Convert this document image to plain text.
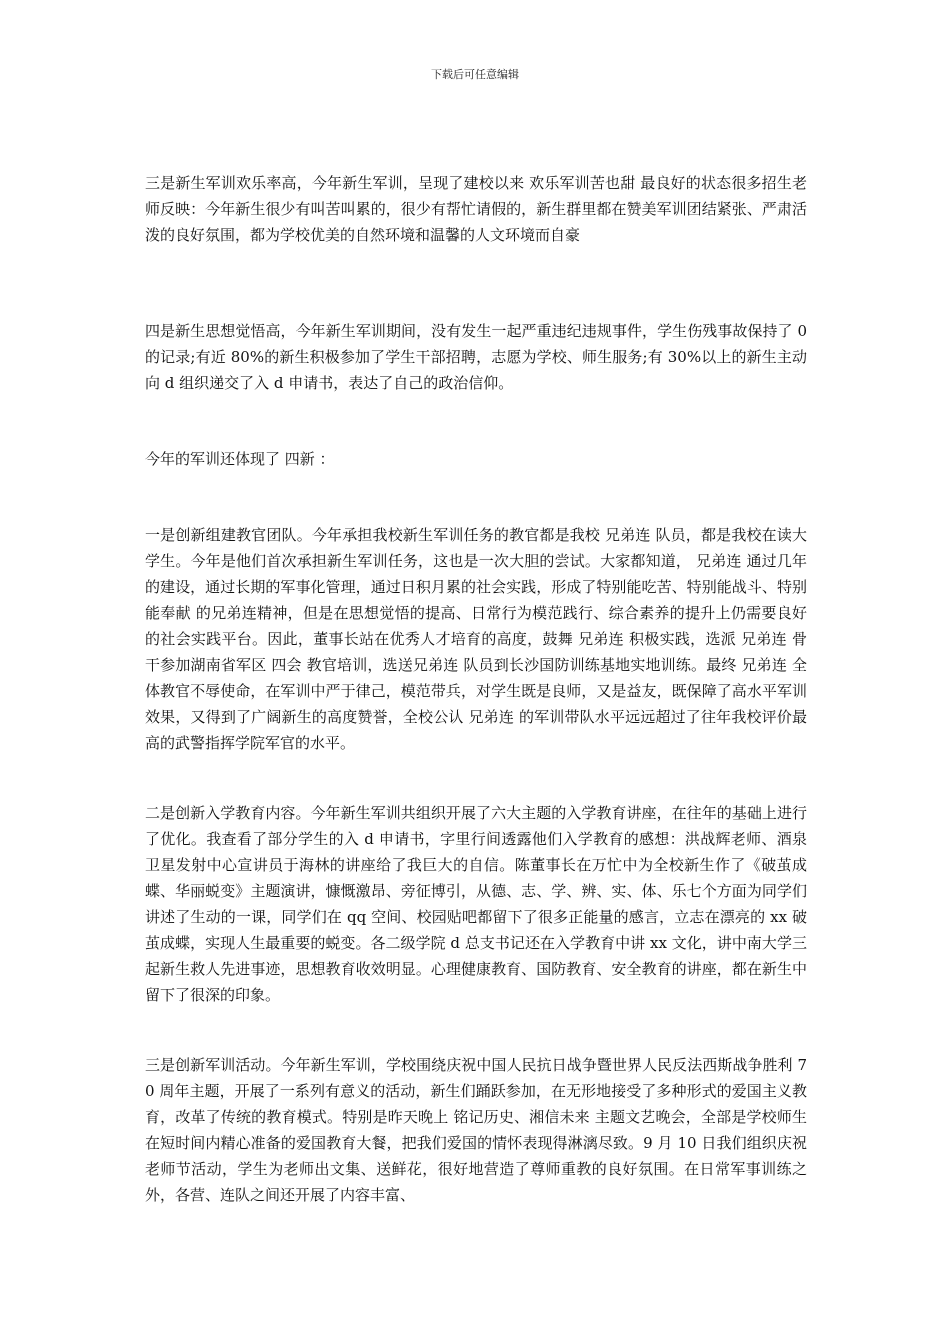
下载后可任意编辑

三是新生军训欢乐率高，今年新生军训，呈现了建校以来 欢乐军训苦也甜 最良好的状态很多招生老师反映：今年新生很少有叫苦叫累的，很少有帮忙请假的，新生群里都在赞美军训团结紧张、严肃活泼的良好氛围，都为学校优美的自然环境和温馨的人文环境而自豪

四是新生思想觉悟高，今年新生军训期间，没有发生一起严重违纪违规事件，学生伤残事故保持了 0 的记录;有近 80%的新生积极参加了学生干部招聘，志愿为学校、师生服务;有 30%以上的新生主动向 d 组织递交了入 d 申请书，表达了自己的政治信仰。

今年的军训还体现了 四新 ：

一是创新组建教官团队。今年承担我校新生军训任务的教官都是我校 兄弟连 队员，都是我校在读大学生。今年是他们首次承担新生军训任务，这也是一次大胆的尝试。大家都知道， 兄弟连 通过几年的建设，通过长期的军事化管理，通过日积月累的社会实践，形成了特别能吃苦、特别能战斗、特别能奉献 的兄弟连精神，但是在思想觉悟的提高、日常行为模范践行、综合素养的提升上仍需要良好的社会实践平台。因此，董事长站在优秀人才培育的高度，鼓舞 兄弟连 积极实践，选派 兄弟连 骨干参加湖南省军区 四会 教官培训，选送兄弟连 队员到长沙国防训练基地实地训练。最终 兄弟连 全体教官不辱使命，在军训中严于律己，模范带兵，对学生既是良师，又是益友，既保障了高水平军训效果，又得到了广阔新生的高度赞誉，全校公认 兄弟连 的军训带队水平远远超过了往年我校评价最高的武警指挥学院军官的水平。

二是创新入学教育内容。今年新生军训共组织开展了六大主题的入学教育讲座，在往年的基础上进行了优化。我查看了部分学生的入 d 申请书，字里行间透露他们入学教育的感想：洪战辉老师、酒泉卫星发射中心宣讲员于海林的讲座给了我巨大的自信。陈董事长在万忙中为全校新生作了《破茧成蝶、华丽蜕变》主题演讲，慷慨激昂、旁征博引，从德、志、学、辨、实、体、乐七个方面为同学们讲述了生动的一课，同学们在 qq 空间、校园贴吧都留下了很多正能量的感言，立志在漂亮的 xx 破茧成蝶，实现人生最重要的蜕变。各二级学院 d 总支书记还在入学教育中讲 xx 文化，讲中南大学三起新生救人先进事迹，思想教育收效明显。心理健康教育、国防教育、安全教育的讲座，都在新生中留下了很深的印象。

三是创新军训活动。今年新生军训，学校围绕庆祝中国人民抗日战争暨世界人民反法西斯战争胜利 70 周年主题，开展了一系列有意义的活动，新生们踊跃参加，在无形地接受了多种形式的爱国主义教育，改革了传统的教育模式。特别是昨天晚上 铭记历史、湘信未来 主题文艺晚会，全部是学校师生在短时间内精心准备的爱国教育大餐，把我们爱国的情怀表现得淋漓尽致。9 月 10 日我们组织庆祝老师节活动，学生为老师出文集、送鲜花，很好地营造了尊师重教的良好氛围。在日常军事训练之外，各营、连队之间还开展了内容丰富、
